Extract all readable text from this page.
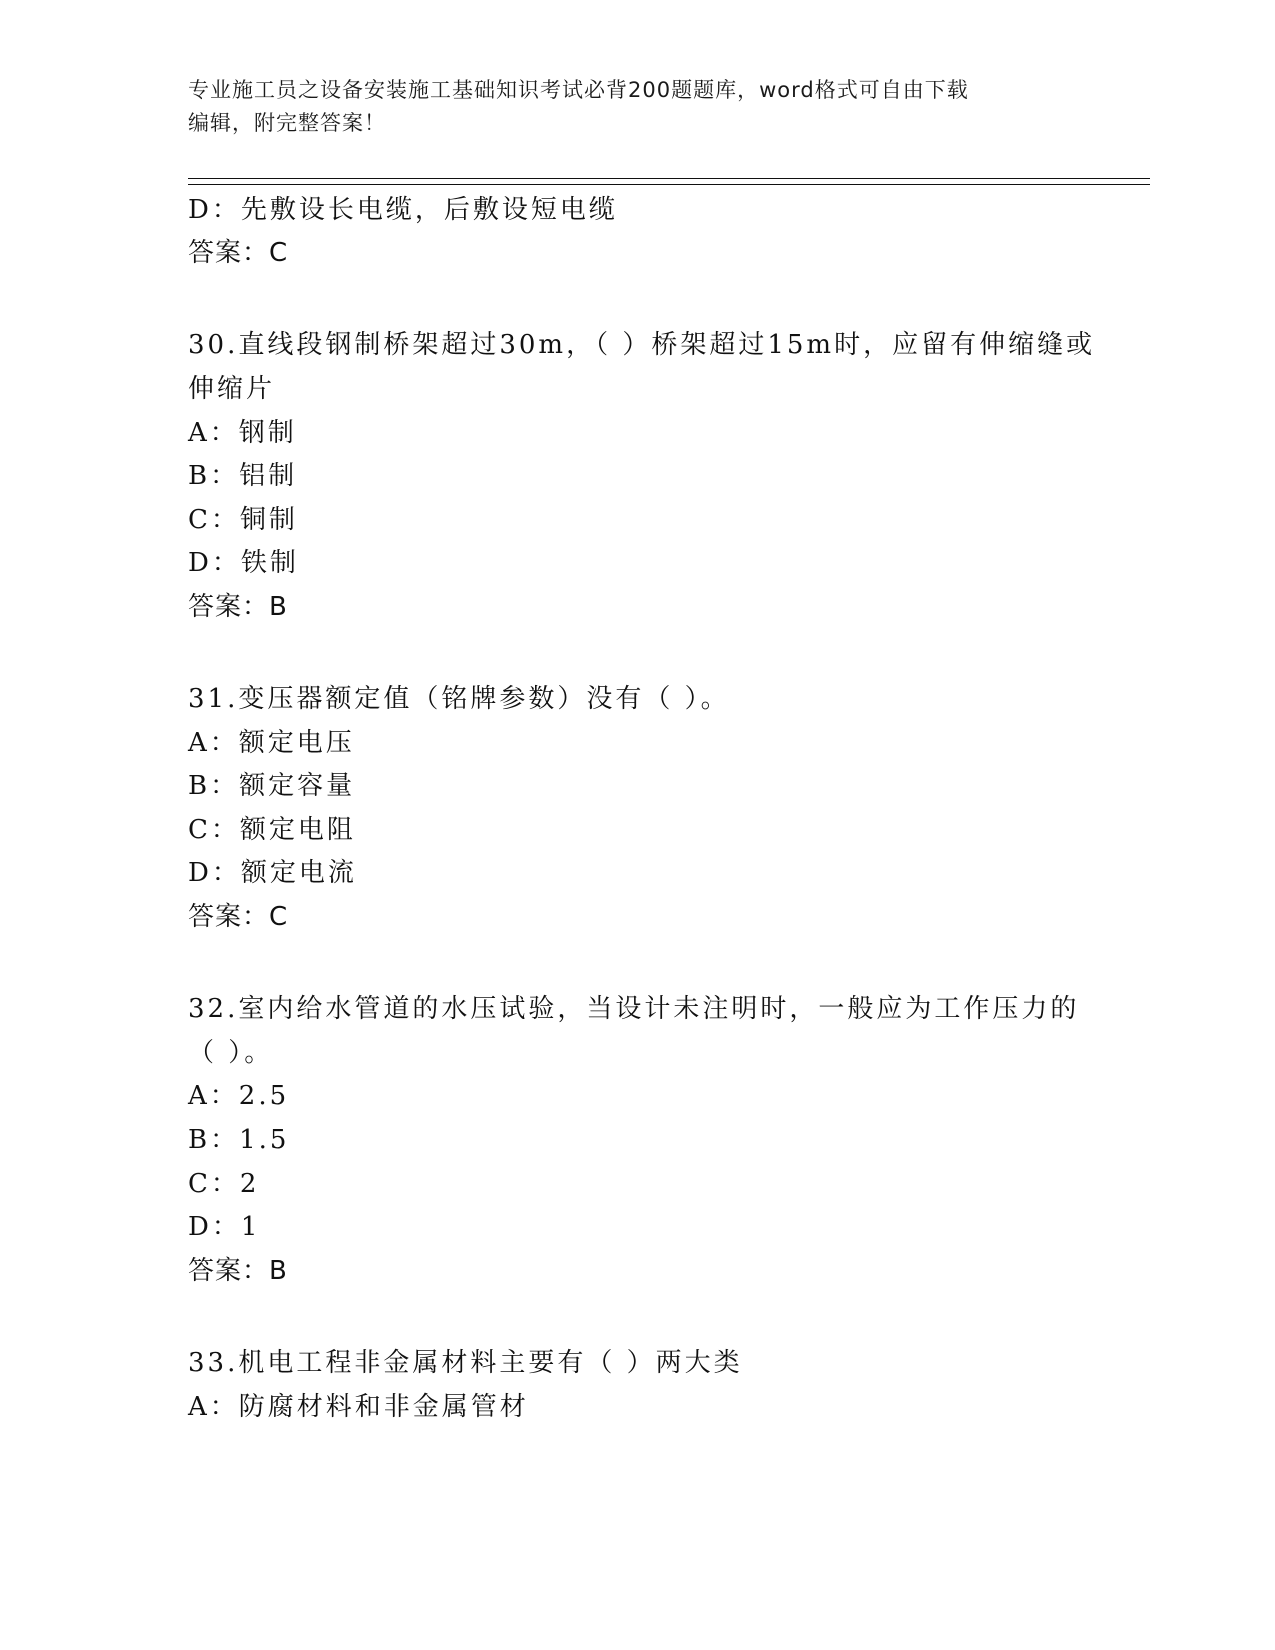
专业施工员之设备安装施工基础知识考试必背200题题库，word格式可自由下载
编辑，附完整答案！
D：先敷设长电缆，后敷设短电缆
答案：C
30.直线段钢制桥架超过30m，（ ）桥架超过15m时，应留有伸缩缝或
伸缩片
A：钢制
B：铝制
C：铜制
D：铁制
答案：B
31.变压器额定值（铭牌参数）没有（ ）。
A：额定电压
B：额定容量
C：额定电阻
D：额定电流
答案：C
32.室内给水管道的水压试验，当设计未注明时，一般应为工作压力的
（ ）。
A：2.5
B：1.5
C：2
D：1
答案：B
33.机电工程非金属材料主要有（ ）两大类
A：防腐材料和非金属管材
